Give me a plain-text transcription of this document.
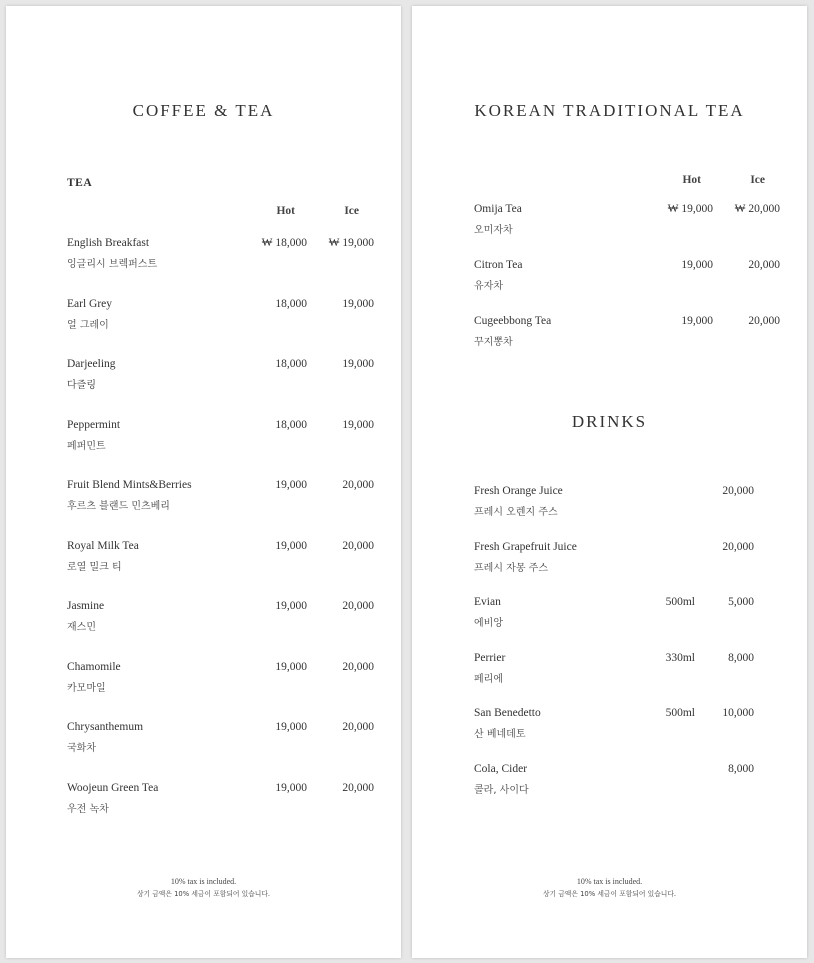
COFFEE & TEA
TEA
Hot	Ice
English Breakfast
잉글리시 브렉퍼스트
₩ 18,000 ₩ 19,000
Earl Grey
얼 그레이
18,000	19,000
Darjeeling
다즐링
18,000	19,000
Peppermint
페퍼민트
18,000	19,000
Fruit Blend Mints&Berries
후르츠 블랜드 민츠베리
19,000	20,000
Royal Milk Tea
로열 밀크 티
19,000	20,000
Jasmine
재스민
19,000	20,000
Chamomile
카모마일
19,000	20,000
Chrysanthemum
국화차
19,000	20,000
Woojeun Green Tea
우전 녹차
19,000	20,000
10% tax is included.
상기 금액은 10% 세금이 포함되어 있습니다.
KOREAN TRADITIONAL TEA
Hot	Ice
Omija Tea
오미자차
₩ 19,000 ₩ 20,000
Citron Tea
유자차
19,000	20,000
Cugeebbong Tea
꾸지뽕차
19,000	20,000
DRINKS
Fresh Orange Juice
프레시 오렌지 주스
20,000
Fresh Grapefruit Juice
프레시 자몽 주스
20,000
Evian
에비앙
500ml	5,000
Perrier
페리에
330ml	8,000
San Benedetto
산 베네데토
500ml 10,000
Cola, Cider
콜라, 사이다
8,000
10% tax is included.
상기 금액은 10% 세금이 포함되어 있습니다.
